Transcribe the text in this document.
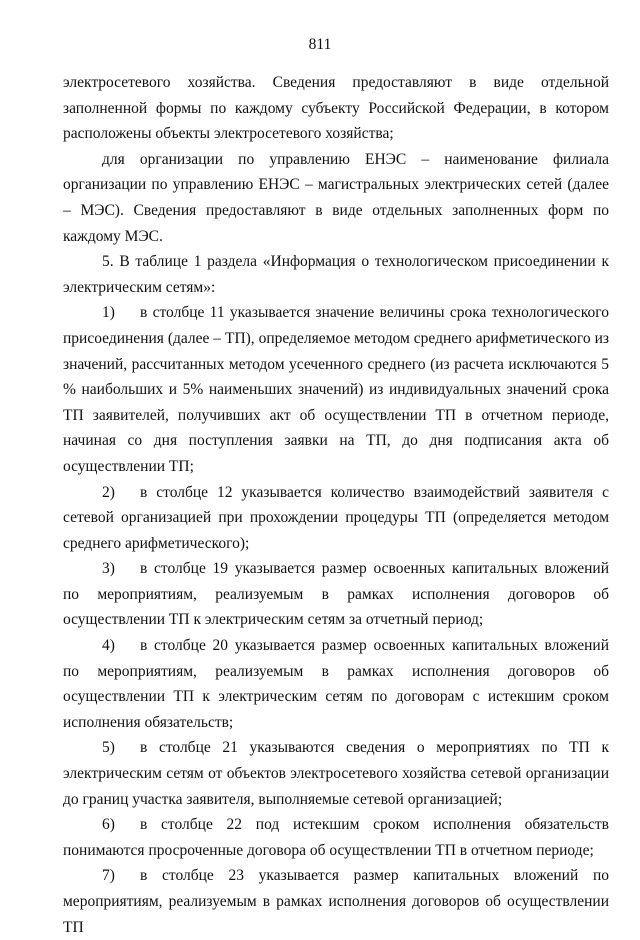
811

электросетевого хозяйства. Сведения предоставляют в виде отдельной заполненной формы по каждому субъекту Российской Федерации, в котором расположены объекты электросетевого хозяйства;

для организации по управлению ЕНЭС – наименование филиала организации по управлению ЕНЭС – магистральных электрических сетей (далее – МЭС). Сведения предоставляют в виде отдельных заполненных форм по каждому МЭС.

5. В таблице 1 раздела «Информация о технологическом присоединении к электрическим сетям»:

1) в столбце 11 указывается значение величины срока технологического присоединения (далее – ТП), определяемое методом среднего арифметического из значений, рассчитанных методом усеченного среднего (из расчета исключаются 5 % наибольших и 5% наименьших значений) из индивидуальных значений срока ТП заявителей, получивших акт об осуществлении ТП в отчетном периоде, начиная со дня поступления заявки на ТП, до дня подписания акта об осуществлении ТП;

2) в столбце 12 указывается количество взаимодействий заявителя с сетевой организацией при прохождении процедуры ТП (определяется методом среднего арифметического);

3) в столбце 19 указывается размер освоенных капитальных вложений по мероприятиям, реализуемым в рамках исполнения договоров об осуществлении ТП к электрическим сетям за отчетный период;

4) в столбце 20 указывается размер освоенных капитальных вложений по мероприятиям, реализуемым в рамках исполнения договоров об осуществлении ТП к электрическим сетям по договорам с истекшим сроком исполнения обязательств;

5) в столбце 21 указываются сведения о мероприятиях по ТП к электрическим сетям от объектов электросетевого хозяйства сетевой организации до границ участка заявителя, выполняемые сетевой организацией;

6) в столбце 22 под истекшим сроком исполнения обязательств понимаются просроченные договора об осуществлении ТП в отчетном периоде;

7) в столбце 23 указывается размер капитальных вложений по мероприятиям, реализуемым в рамках исполнения договоров об осуществлении ТП
